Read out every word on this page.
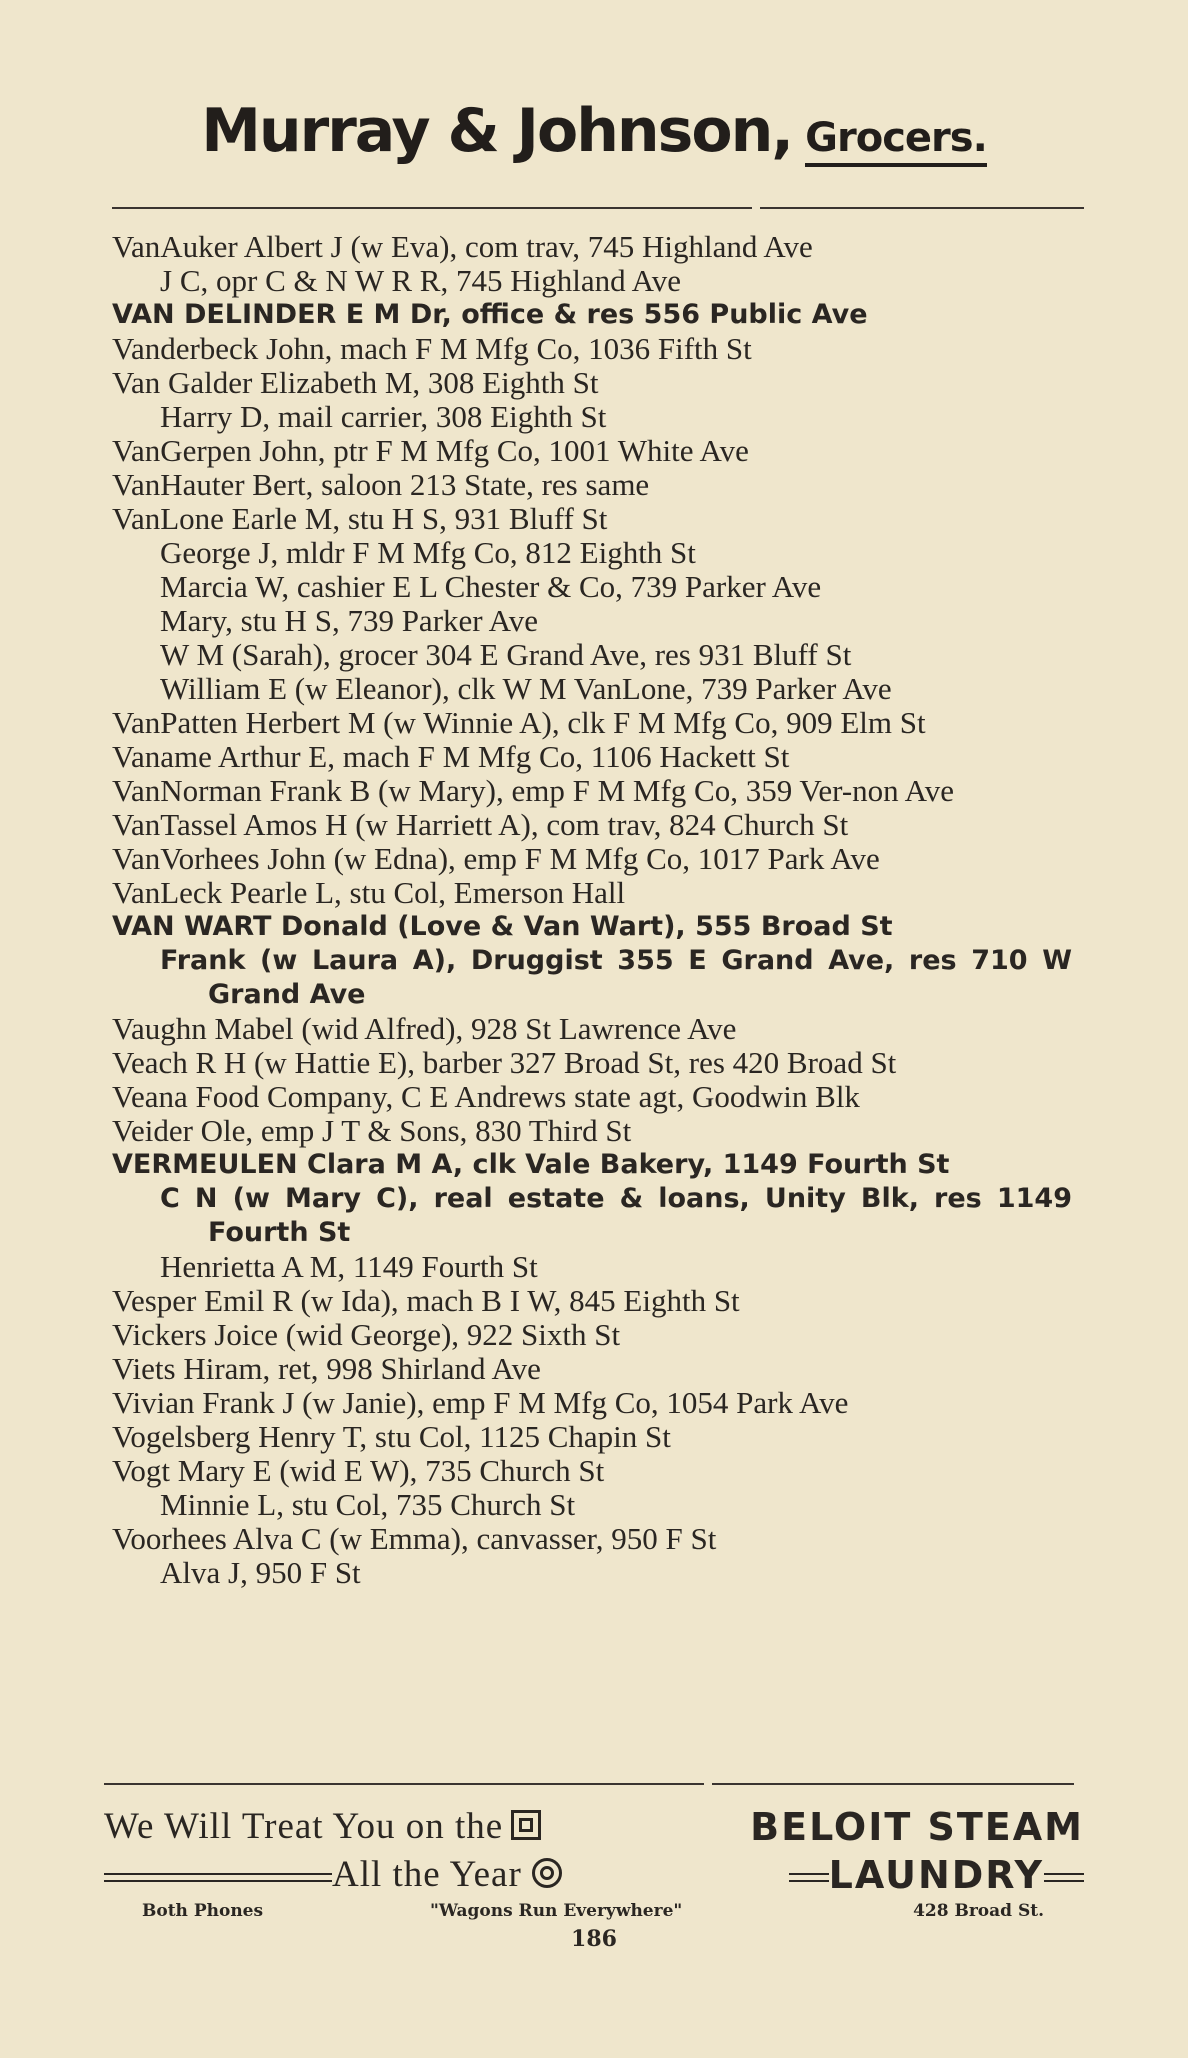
Murray & Johnson, Grocers.
VanAuker Albert J (w Eva), com trav, 745 Highland Ave
J C, opr C & N W R R, 745 Highland Ave
VAN DELINDER E M Dr, office & res 556 Public Ave
Vanderbeck John, mach F M Mfg Co, 1036 Fifth St
Van Galder Elizabeth M, 308 Eighth St
Harry D, mail carrier, 308 Eighth St
VanGerpen John, ptr F M Mfg Co, 1001 White Ave
VanHauter Bert, saloon 213 State, res same
VanLone Earle M, stu H S, 931 Bluff St
George J, mldr F M Mfg Co, 812 Eighth St
Marcia W, cashier E L Chester & Co, 739 Parker Ave
Mary, stu H S, 739 Parker Ave
W M (Sarah), grocer 304 E Grand Ave, res 931 Bluff St
William E (w Eleanor), clk W M VanLone, 739 Parker Ave
VanPatten Herbert M (w Winnie A), clk F M Mfg Co, 909 Elm St
Vaname Arthur E, mach F M Mfg Co, 1106 Hackett St
VanNorman Frank B (w Mary), emp F M Mfg Co, 359 Ver-non Ave
VanTassel Amos H (w Harriett A), com trav, 824 Church St
VanVorhees John (w Edna), emp F M Mfg Co, 1017 Park Ave
VanLeck Pearle L, stu Col, Emerson Hall
VAN WART Donald (Love & Van Wart), 555 Broad St
Frank (w Laura A), Druggist 355 E Grand Ave, res 710 W Grand Ave
Vaughn Mabel (wid Alfred), 928 St Lawrence Ave
Veach R H (w Hattie E), barber 327 Broad St, res 420 Broad St
Veana Food Company, C E Andrews state agt, Goodwin Blk
Veider Ole, emp J T & Sons, 830 Third St
VERMEULEN Clara M A, clk Vale Bakery, 1149 Fourth St
C N (w Mary C), real estate & loans, Unity Blk, res 1149 Fourth St
Henrietta A M, 1149 Fourth St
Vesper Emil R (w Ida), mach B I W, 845 Eighth St
Vickers Joice (wid George), 922 Sixth St
Viets Hiram, ret, 998 Shirland Ave
Vivian Frank J (w Janie), emp F M Mfg Co, 1054 Park Ave
Vogelsberg Henry T, stu Col, 1125 Chapin St
Vogt Mary E (wid E W), 735 Church St
Minnie L, stu Col, 735 Church St
Voorhees Alva C (w Emma), canvasser, 950 F St
Alva J, 950 F St
We Will Treat You on the	BELOIT STEAM
All the Year	LAUNDRY
Both Phones	"Wagons Run Everywhere"	428 Broad St.
186
